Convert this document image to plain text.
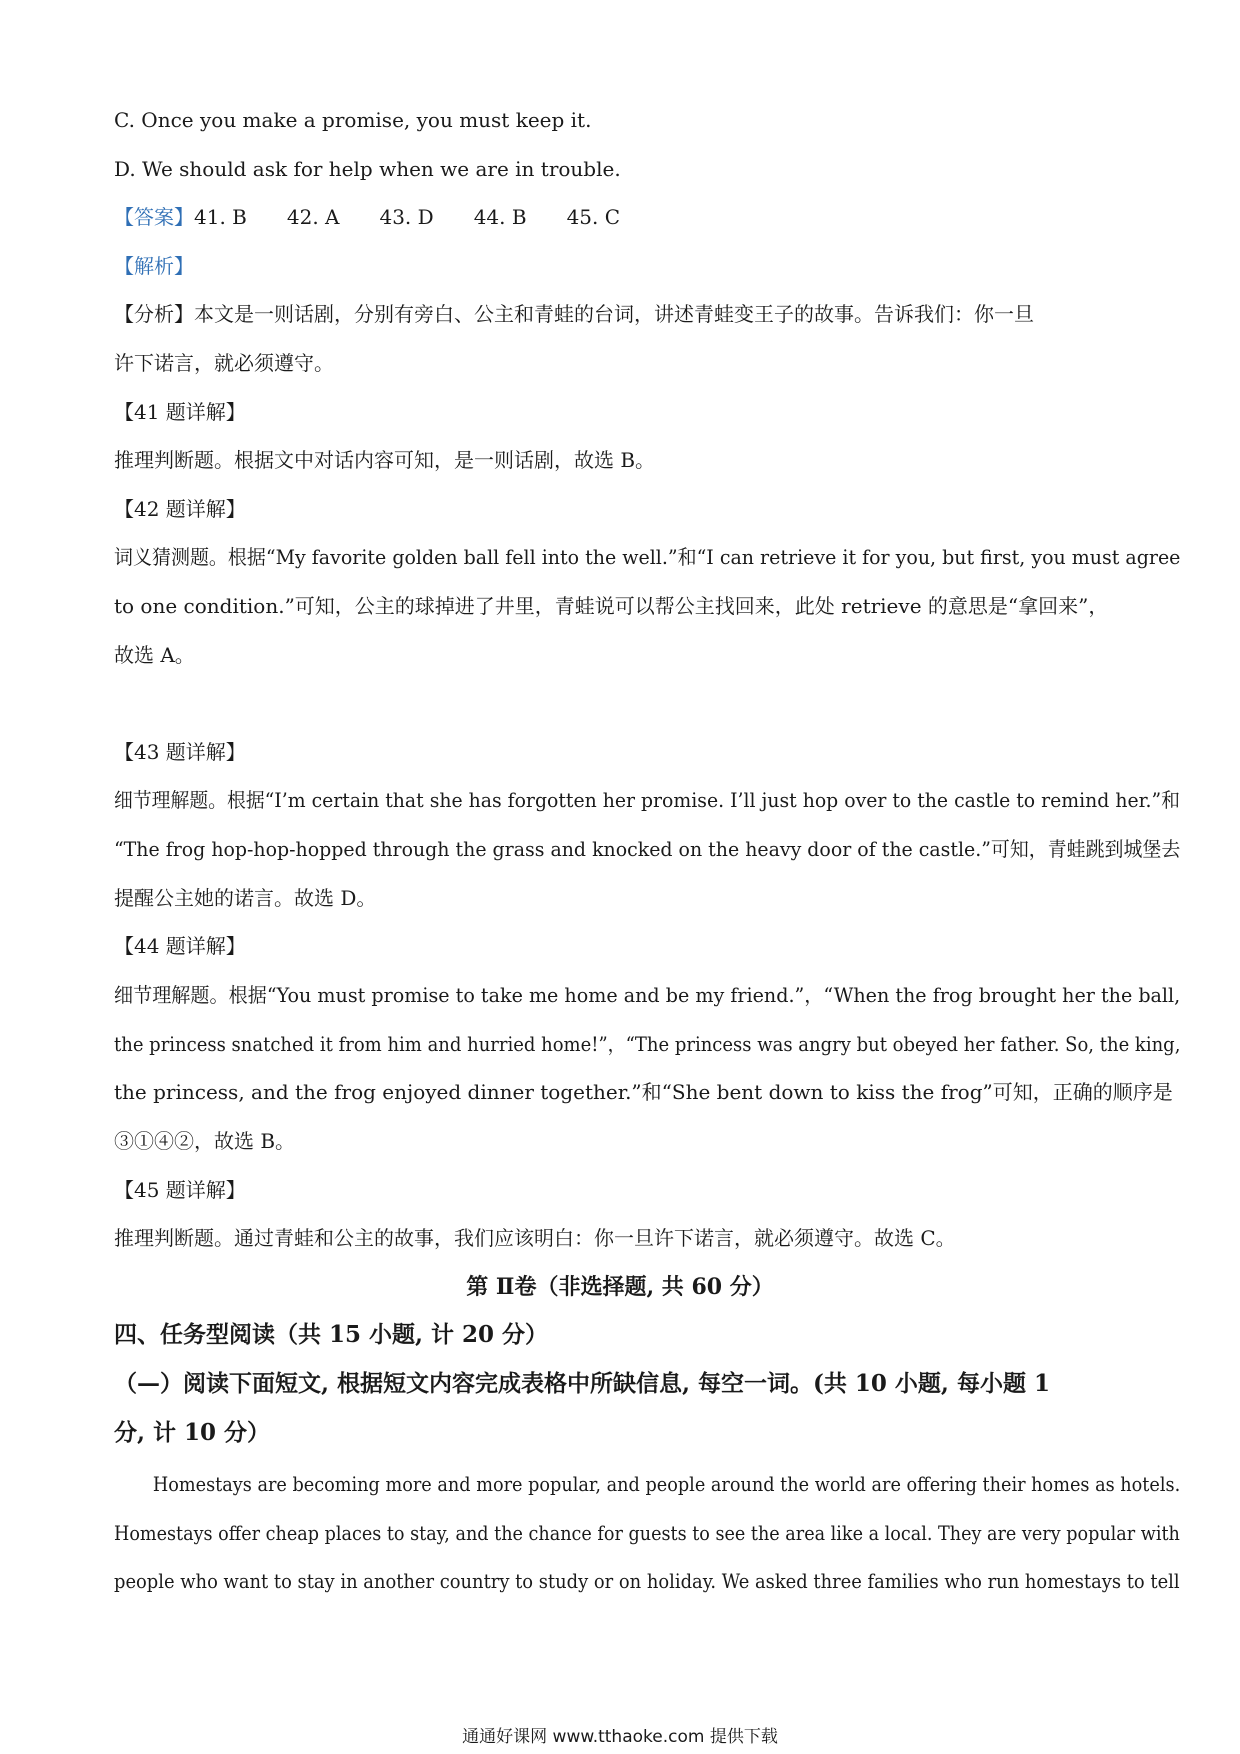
C. Once you make a promise, you must keep it.
D. We should ask for help when we are in trouble.
【答案】41. B 42. A 43. D 44. B 45. C
【解析】
【分析】本文是一则话剧，分别有旁白、公主和青蛙的台词，讲述青蛙变王子的故事。告诉我们：你一旦
许下诺言，就必须遵守。
【41 题详解】
推理判断题。根据文中对话内容可知，是一则话剧，故选 B。
【42 题详解】
词义猜测题。根据“My favorite golden ball fell into the well.”和“I can retrieve it for you, but first, you must agree
to one condition.”可知，公主的球掉进了井里，青蛙说可以帮公主找回来，此处 retrieve 的意思是“拿回来”，
故选 A。
【43 题详解】
细节理解题。根据“I’m certain that she has forgotten her promise. I’ll just hop over to the castle to remind her.”和
“The frog hop-hop-hopped through the grass and knocked on the heavy door of the castle.”可知，青蛙跳到城堡去
提醒公主她的诺言。故选 D。
【44 题详解】
细节理解题。根据“You must promise to take me home and be my friend.”，“When the frog brought her the ball,
the princess snatched it from him and hurried home!”，“The princess was angry but obeyed her father. So, the king,
the princess, and the frog enjoyed dinner together.”和“She bent down to kiss the frog”可知，正确的顺序是
③①④②，故选 B。
【45 题详解】
推理判断题。通过青蛙和公主的故事，我们应该明白：你一旦许下诺言，就必须遵守。故选 C。
第 Ⅱ卷（非选择题, 共 60 分）
四、任务型阅读（共 15 小题, 计 20 分）
（—）阅读下面短文, 根据短文内容完成表格中所缺信息, 每空一词。(共 10 小题, 每小题 1
分, 计 10 分）
Homestays are becoming more and more popular, and people around the world are offering their homes as hotels.
Homestays offer cheap places to stay, and the chance for guests to see the area like a local. They are very popular with
people who want to stay in another country to study or on holiday. We asked three families who run homestays to tell
通通好课网 www.tthaoke.com 提供下载
